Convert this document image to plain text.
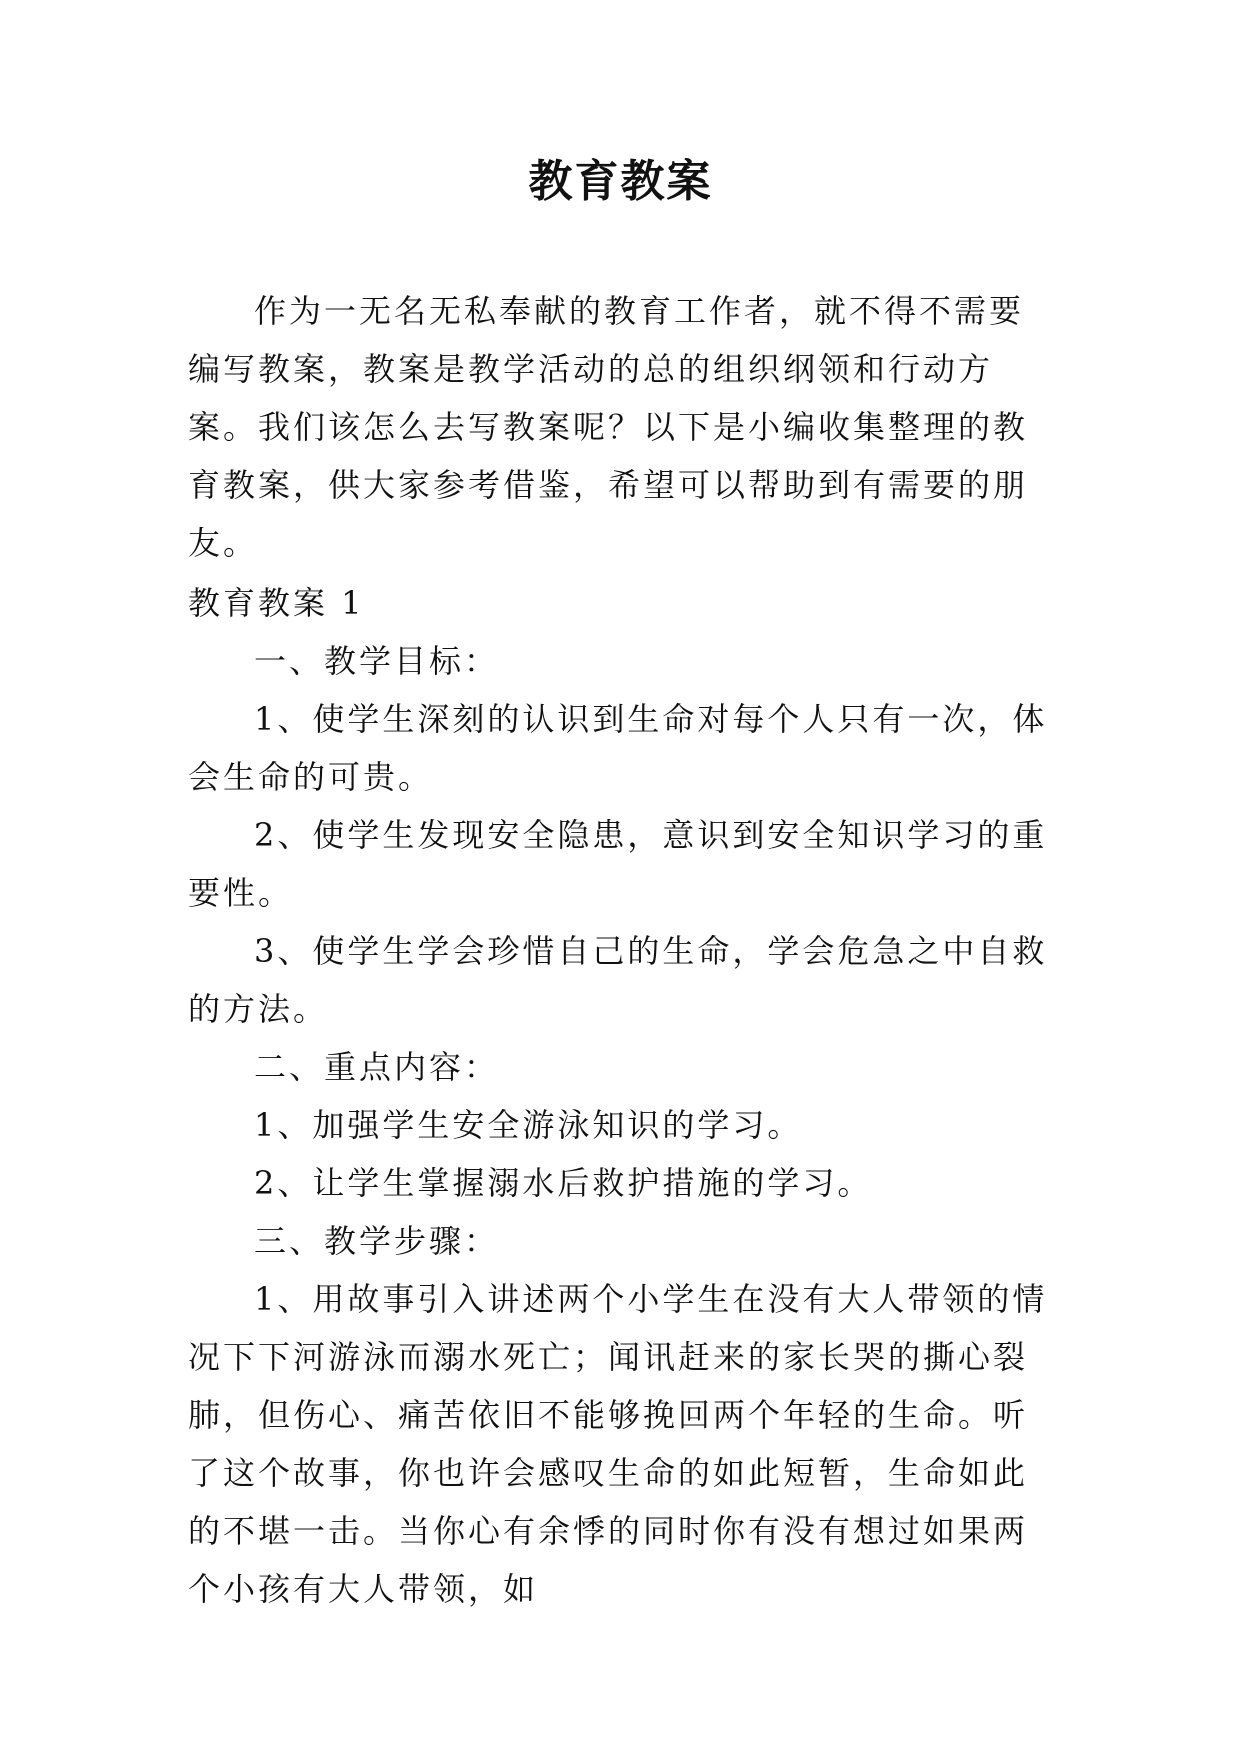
教育教案

作为一无名无私奉献的教育工作者，就不得不需要编写教案，教案是教学活动的总的组织纲领和行动方案。我们该怎么去写教案呢？以下是小编收集整理的教育教案，供大家参考借鉴，希望可以帮助到有需要的朋友。

教育教案 1

一、教学目标：

1、使学生深刻的认识到生命对每个人只有一次，体会生命的可贵。

2、使学生发现安全隐患，意识到安全知识学习的重要性。

3、使学生学会珍惜自己的生命，学会危急之中自救的方法。

二、重点内容：

1、加强学生安全游泳知识的学习。

2、让学生掌握溺水后救护措施的学习。

三、教学步骤：

1、用故事引入讲述两个小学生在没有大人带领的情况下下河游泳而溺水死亡；闻讯赶来的家长哭的撕心裂肺，但伤心、痛苦依旧不能够挽回两个年轻的生命。听了这个故事，你也许会感叹生命的如此短暂，生命如此的不堪一击。当你心有余悸的同时你有没有想过如果两个小孩有大人带领，如
